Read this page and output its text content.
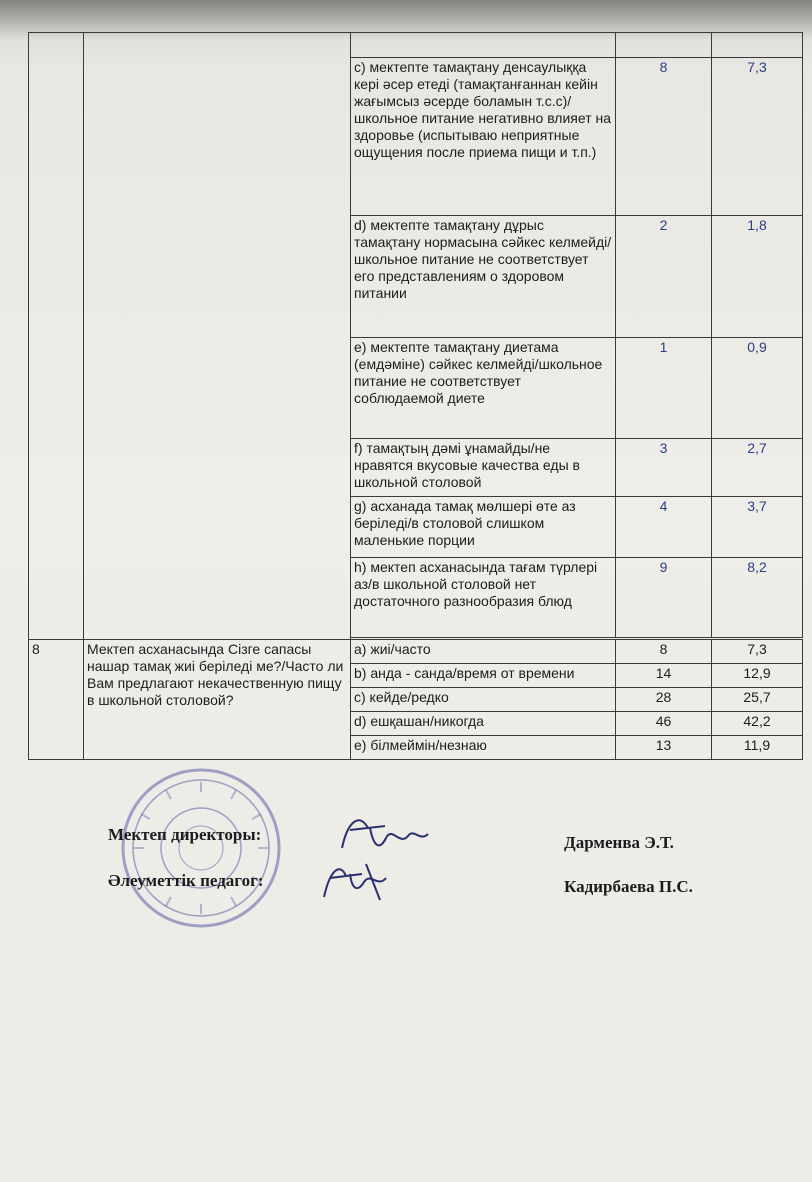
		c) мектепте тамақтану денсаулыққа кері әсер етеді (тамақтанғаннан кейін жағымсыз әсерде боламын т.с.с)/школьное питание негативно влияет на здоровье (испытываю неприятные ощущения после приема пищи и т.п.)	8	7,3
		d) мектепте тамақтану дұрыс тамақтану нормасына сәйкес келмейді/школьное питание не соответствует его представлениям о здоровом питании	2	1,8
		e) мектепте тамақтану диетама (емдәміне) сәйкес келмейді/школьное питание не соответствует соблюдаемой диете	1	0,9
		f) тамақтың дәмі ұнамайды/не нравятся вкусовые качества еды в школьной столовой	3	2,7
		g) асханада тамақ мөлшері өте аз беріледі/в столовой слишком маленькие порции	4	3,7
		h) мектеп асханасында тағам түрлері аз/в школьной столовой нет достаточного разнообразия блюд	9	8,2

8	Мектеп асханасында Сізге сапасы нашар тамақ жиі беріледі ме?/Часто ли Вам предлагают некачественную пищу в школьной столовой?	a) жиі/часто	8	7,3
		b) анда - санда/время от времени	14	12,9
		c) кейде/редко	28	25,7
		d) ешқашан/никогда	46	42,2
		e) білмеймін/незнаю	13	11,9
Мектеп директоры:
Әлеуметтік педагог:
Дарменва Э.Т.
Кадирбаева П.С.
